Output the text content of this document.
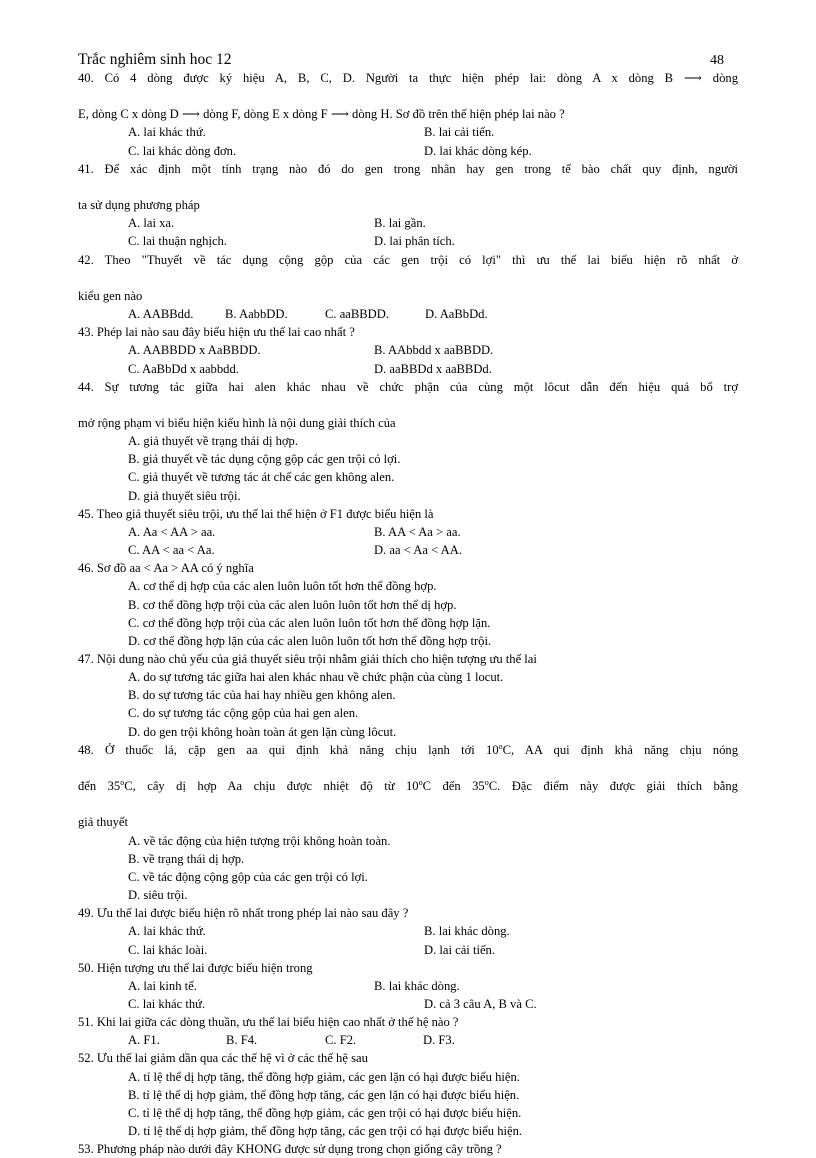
Trắc nghiêm sinh hoc 12	48
40. Có 4 dòng được ký hiệu A, B, C, D. Người ta thực hiện phép lai: dòng A x dòng B ⟶ dòng
E, dòng C x dòng D ⟶ dòng F, dòng E x dòng F ⟶ dòng H. Sơ đồ trên thể hiện phép lai nào ?
A. lai khác thứ.	B. lai cải tiến.
C. lai khác dòng đơn.	D. lai khác dòng kép.
41. Để xác định một tính trạng nào đó do gen trong nhân hay gen trong tế bào chất quy định, người
ta sử dụng phương pháp
A. lai xa.	B. lai gần.
C. lai thuận nghịch.	D. lai phân tích.
42. Theo "Thuyết về tác dụng cộng gộp của các gen trội có lợi" thì ưu thế lai biểu hiện rõ nhất ở
kiểu gen nào
A. AABBdd.	B. AabbDD.	C. aaBBDD.	D. AaBbDd.
43. Phép lai nào sau đây biểu hiện ưu thế lai cao nhất ?
A. AABBDD x AaBBDD.	B. AAbbdd x aaBBDD.
C. AaBbDd x aabbdd.	D. aaBBDd x aaBBDd.
44. Sự tương tác giữa hai alen khác nhau về chức phận của cùng một lôcut dẫn đến hiệu quả bổ trợ
mở rộng phạm vi biểu hiện kiểu hình là nội dung giải thích của
A. giả thuyết về trạng thái dị hợp.
B. giả thuyết về tác dụng cộng gộp các gen trội có lợi.
C. giả thuyết về tương tác át chế các gen không alen.
D. giả thuyết siêu trội.
45. Theo giả thuyết siêu trội, ưu thế lai thể hiện ở F1 được biểu hiện là
A. Aa < AA > aa.	B. AA < Aa > aa.
C. AA < aa < Aa.	D. aa < Aa < AA.
46. Sơ đồ aa < Aa > AA có ý nghĩa
A. cơ thể dị hợp của các alen luôn luôn tốt hơn thể đồng hợp.
B. cơ thể đồng hợp trội của các alen luôn luôn tốt hơn thể dị hợp.
C. cơ thể đồng hợp trội của các alen luôn luôn tốt hơn thể đồng hợp lặn.
D. cơ thể đồng hợp lặn của các alen luôn luôn tốt hơn thể đồng hợp trội.
47. Nội dung nào chủ yếu của giả thuyết siêu trội nhằm giải thích cho hiện tượng ưu thế lai
A. do sự tương tác giữa hai alen khác nhau về chức phận của cùng 1 locut.
B. do sự tương tác của hai hay nhiều gen không alen.
C. do sự tương tác cộng gộp của hai gen alen.
D. do gen trội không hoàn toàn át gen lặn cùng lôcut.
48. Ở thuốc lá, cặp gen aa qui định khả năng chịu lạnh tới 10$^o$C, AA qui định khả năng chịu nóng
đến 35$^o$C, cây dị hợp Aa chịu được nhiệt độ từ 10$^o$C đến 35$^o$C. Đặc điểm này được giải thích bằng
giả thuyết
A. về tác động của hiện tượng trội không hoàn toàn.
B. về trạng thái dị hợp.
C. về tác động cộng gộp của các gen trội có lợi.
D. siêu trội.
49. Ưu thế lai được biểu hiện rõ nhất trong phép lai nào sau đây ?
A. lai khác thứ.	B. lai khác dòng.
C. lai khác loài.	D. lai cải tiến.
50. Hiện tượng ưu thế lai được biểu hiện trong
A. lai kinh tế.	B. lai khác dòng.
C. lai khác thứ.	D. cả 3 câu A, B và C.
51. Khi lai giữa các dòng thuần, ưu thế lai biểu hiện cao nhất ở thế hệ nào ?
A. F1.	B. F4.	C. F2.	D. F3.
52. Ưu thế lai giảm dần qua các thế hệ vì ở các thế hệ sau
A. tỉ lệ thể dị hợp tăng, thể đồng hợp giảm, các gen lặn có hại được biểu hiện.
B. tỉ lệ thể dị hợp giảm, thể đồng hợp tăng, các gen lặn có hại được biểu hiện.
C. tỉ lệ thể dị hợp tăng, thể đồng hợp giảm, các gen trội có hại được biểu hiện.
D. tỉ lệ thể dị hợp giảm, thể đồng hợp tăng, các gen trội có hại được biểu hiện.
53. Phương pháp nào dưới đây KHONG được sử dụng trong chọn giống cây trồng ?
